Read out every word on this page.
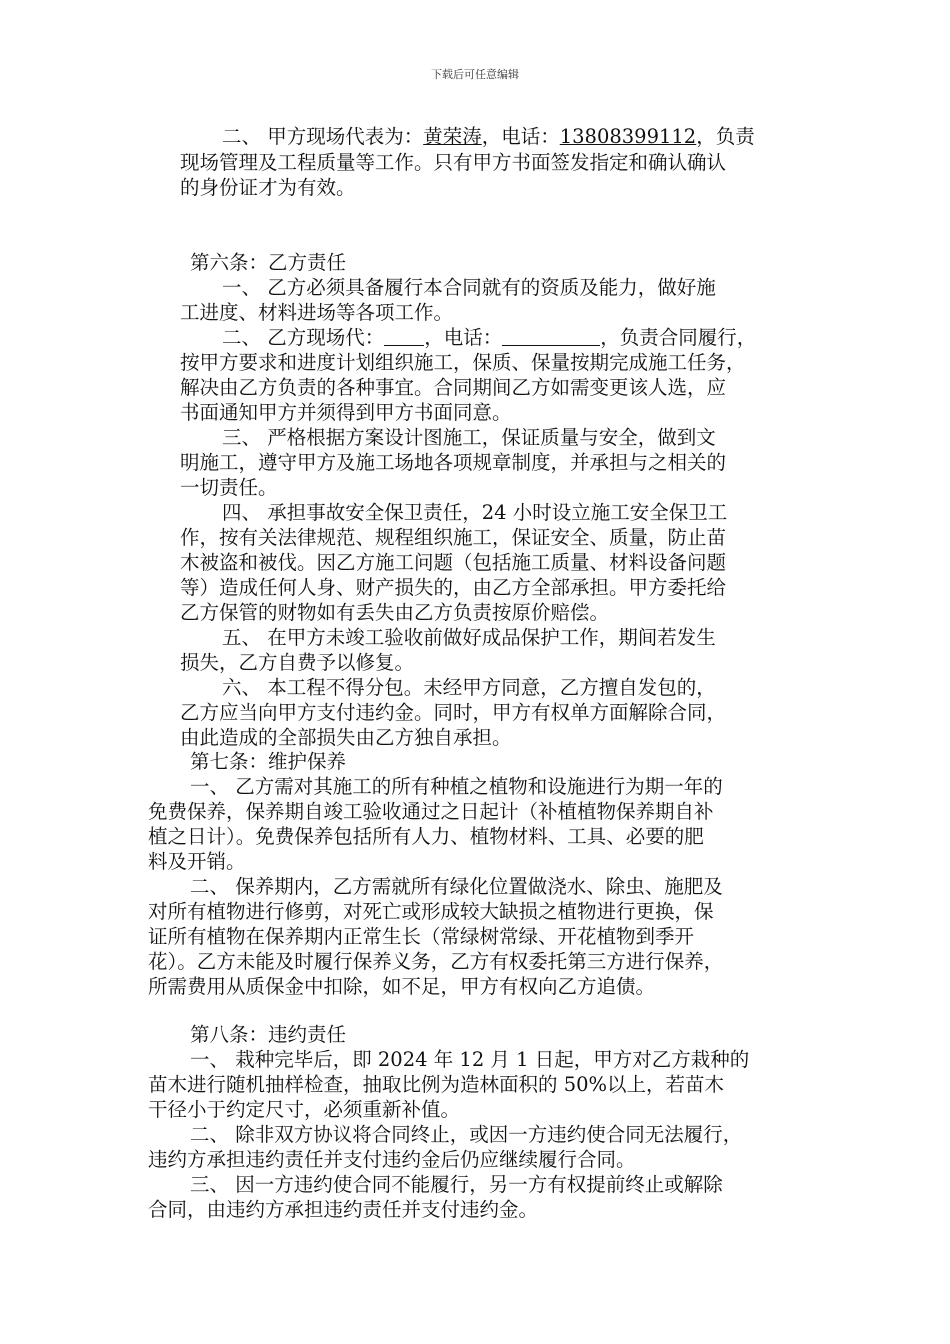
下载后可任意编辑
二、 甲方现场代表为：黄荣涛，电话：13808399112，负责
现场管理及工程质量等工作。只有甲方书面签发指定和确认确认
的身份证才为有效。
第六条：乙方责任
一、 乙方必须具备履行本合同就有的资质及能力，做好施
工进度、材料进场等各项工作。
二、 乙方现场代： ，电话：	，负责合同履行，
按甲方要求和进度计划组织施工，保质、保量按期完成施工任务，
解决由乙方负责的各种事宜。合同期间乙方如需变更该人选，应
书面通知甲方并须得到甲方书面同意。
三、 严格根据方案设计图施工，保证质量与安全，做到文
明施工，遵守甲方及施工场地各项规章制度，并承担与之相关的
一切责任。
四、 承担事故安全保卫责任，24 小时设立施工安全保卫工
作，按有关法律规范、规程组织施工，保证安全、质量，防止苗
木被盗和被伐。因乙方施工问题（包括施工质量、材料设备问题
等）造成任何人身、财产损失的，由乙方全部承担。甲方委托给
乙方保管的财物如有丢失由乙方负责按原价赔偿。
五、 在甲方未竣工验收前做好成品保护工作，期间若发生
损失，乙方自费予以修复。
六、 本工程不得分包。未经甲方同意，乙方擅自发包的，
乙方应当向甲方支付违约金。同时，甲方有权单方面解除合同，
由此造成的全部损失由乙方独自承担。
第七条：维护保养
一、 乙方需对其施工的所有种植之植物和设施进行为期一年的
免费保养，保养期自竣工验收通过之日起计（补植植物保养期自补
植之日计）。免费保养包括所有人力、植物材料、工具、必要的肥
料及开销。
二、 保养期内，乙方需就所有绿化位置做浇水、除虫、施肥及
对所有植物进行修剪，对死亡或形成较大缺损之植物进行更换，保
证所有植物在保养期内正常生长（常绿树常绿、开花植物到季开
花）。乙方未能及时履行保养义务，乙方有权委托第三方进行保养，
所需费用从质保金中扣除，如不足，甲方有权向乙方追债。
第八条：违约责任
一、 栽种完毕后，即 2024 年 12 月 1 日起，甲方对乙方栽种的
苗木进行随机抽样检查，抽取比例为造林面积的 50%以上，若苗木
干径小于约定尺寸，必须重新补值。
二、 除非双方协议将合同终止，或因一方违约使合同无法履行，
违约方承担违约责任并支付违约金后仍应继续履行合同。
三、 因一方违约使合同不能履行，另一方有权提前终止或解除
合同，由违约方承担违约责任并支付违约金。
